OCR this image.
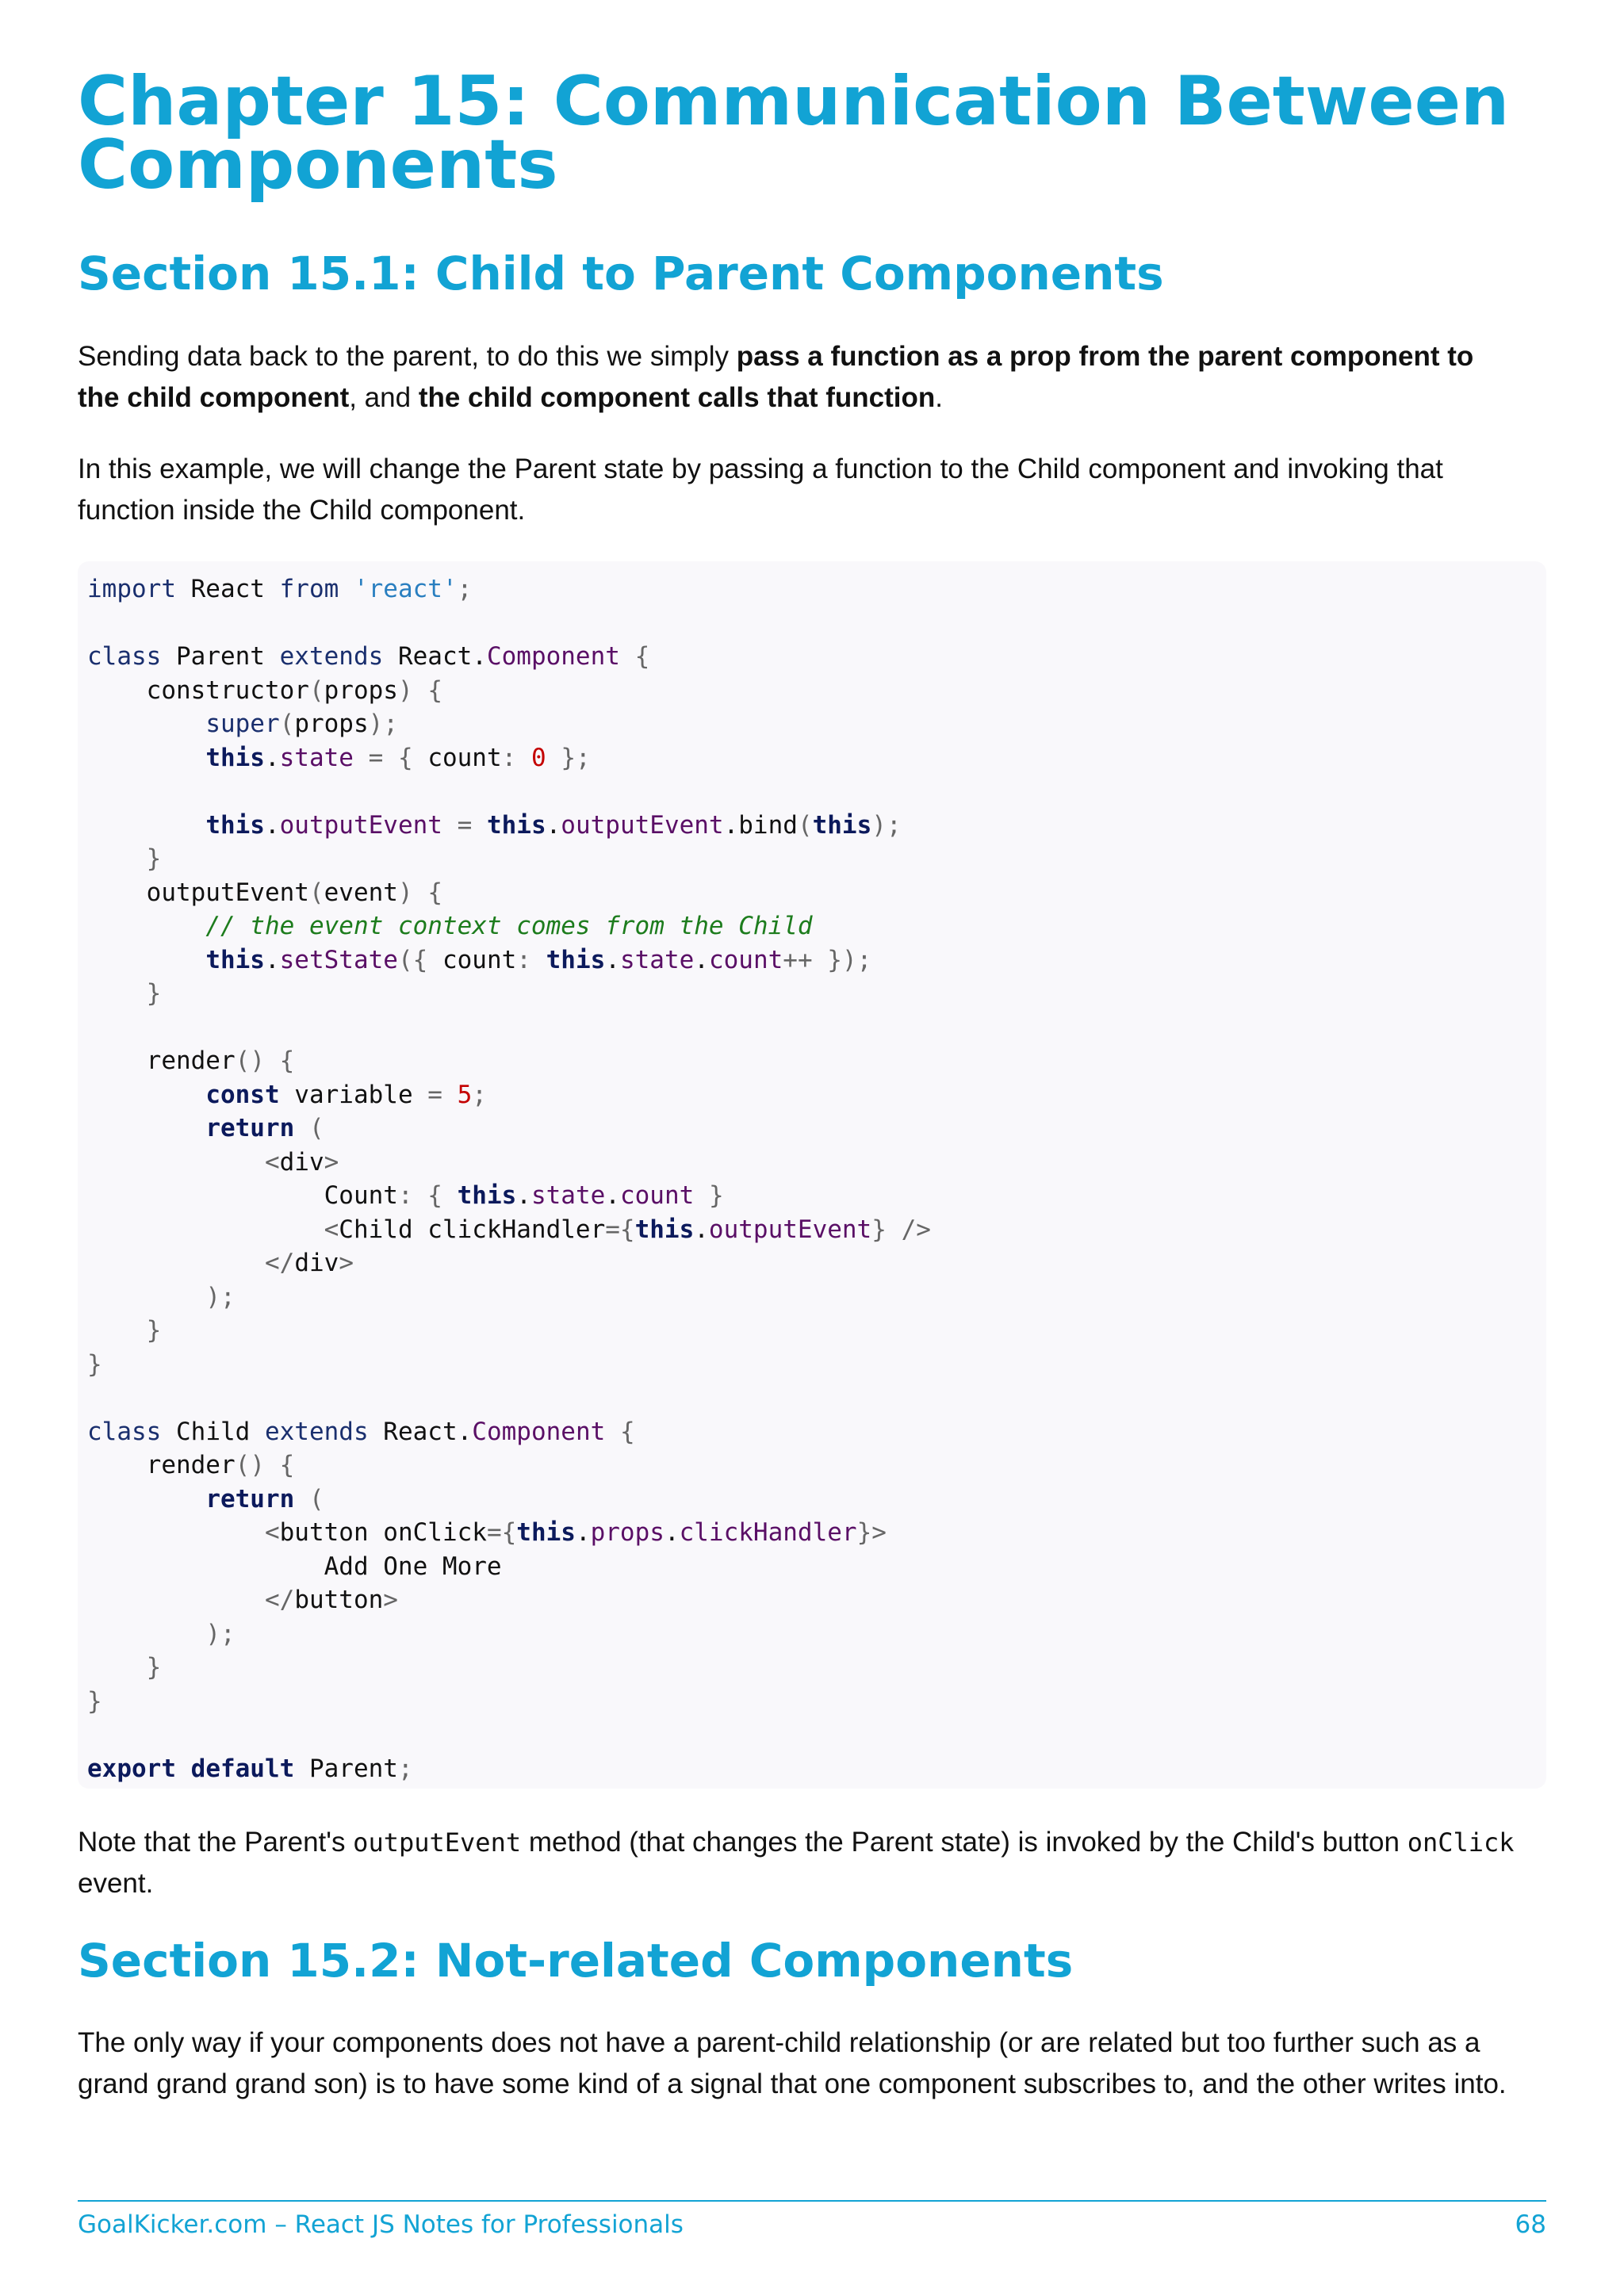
Chapter 15: Communication Between
Components
Section 15.1: Child to Parent Components

Sending data back to the parent, to do this we simply pass a function as a prop from the parent component to
the child component, and the child component calls that function.

In this example, we will change the Parent state by passing a function to the Child component and invoking that function inside the Child component.

import React from 'react';

class Parent extends React.Component {
constructor(props) {
super(props);
this.state = { count: 0 };

this.outputEvent = this.outputEvent.bind(this);
}
outputEvent(event) {
// the event context comes from the Child
this.setState({ count: this.state.count++ });
}

render() {
const variable = 5;
return (
<div>
Count: { this.state.count }
<Child clickHandler={this.outputEvent} />
</div>
);
}
}

class Child extends React.Component {
render() {
return (
<button onClick={this.props.clickHandler}>
Add One More
</button>
);
}
}

export default Parent;

Note that the Parent's outputEvent method (that changes the Parent state) is invoked by the Child's button onClick
event.

Section 15.2: Not-related Components

The only way if your components does not have a parent-child relationship (or are related but too further such as a grand grand grand son) is to have some kind of a signal that one component subscribes to, and the other writes into.

GoalKicker.com – React JS Notes for Professionals	68
